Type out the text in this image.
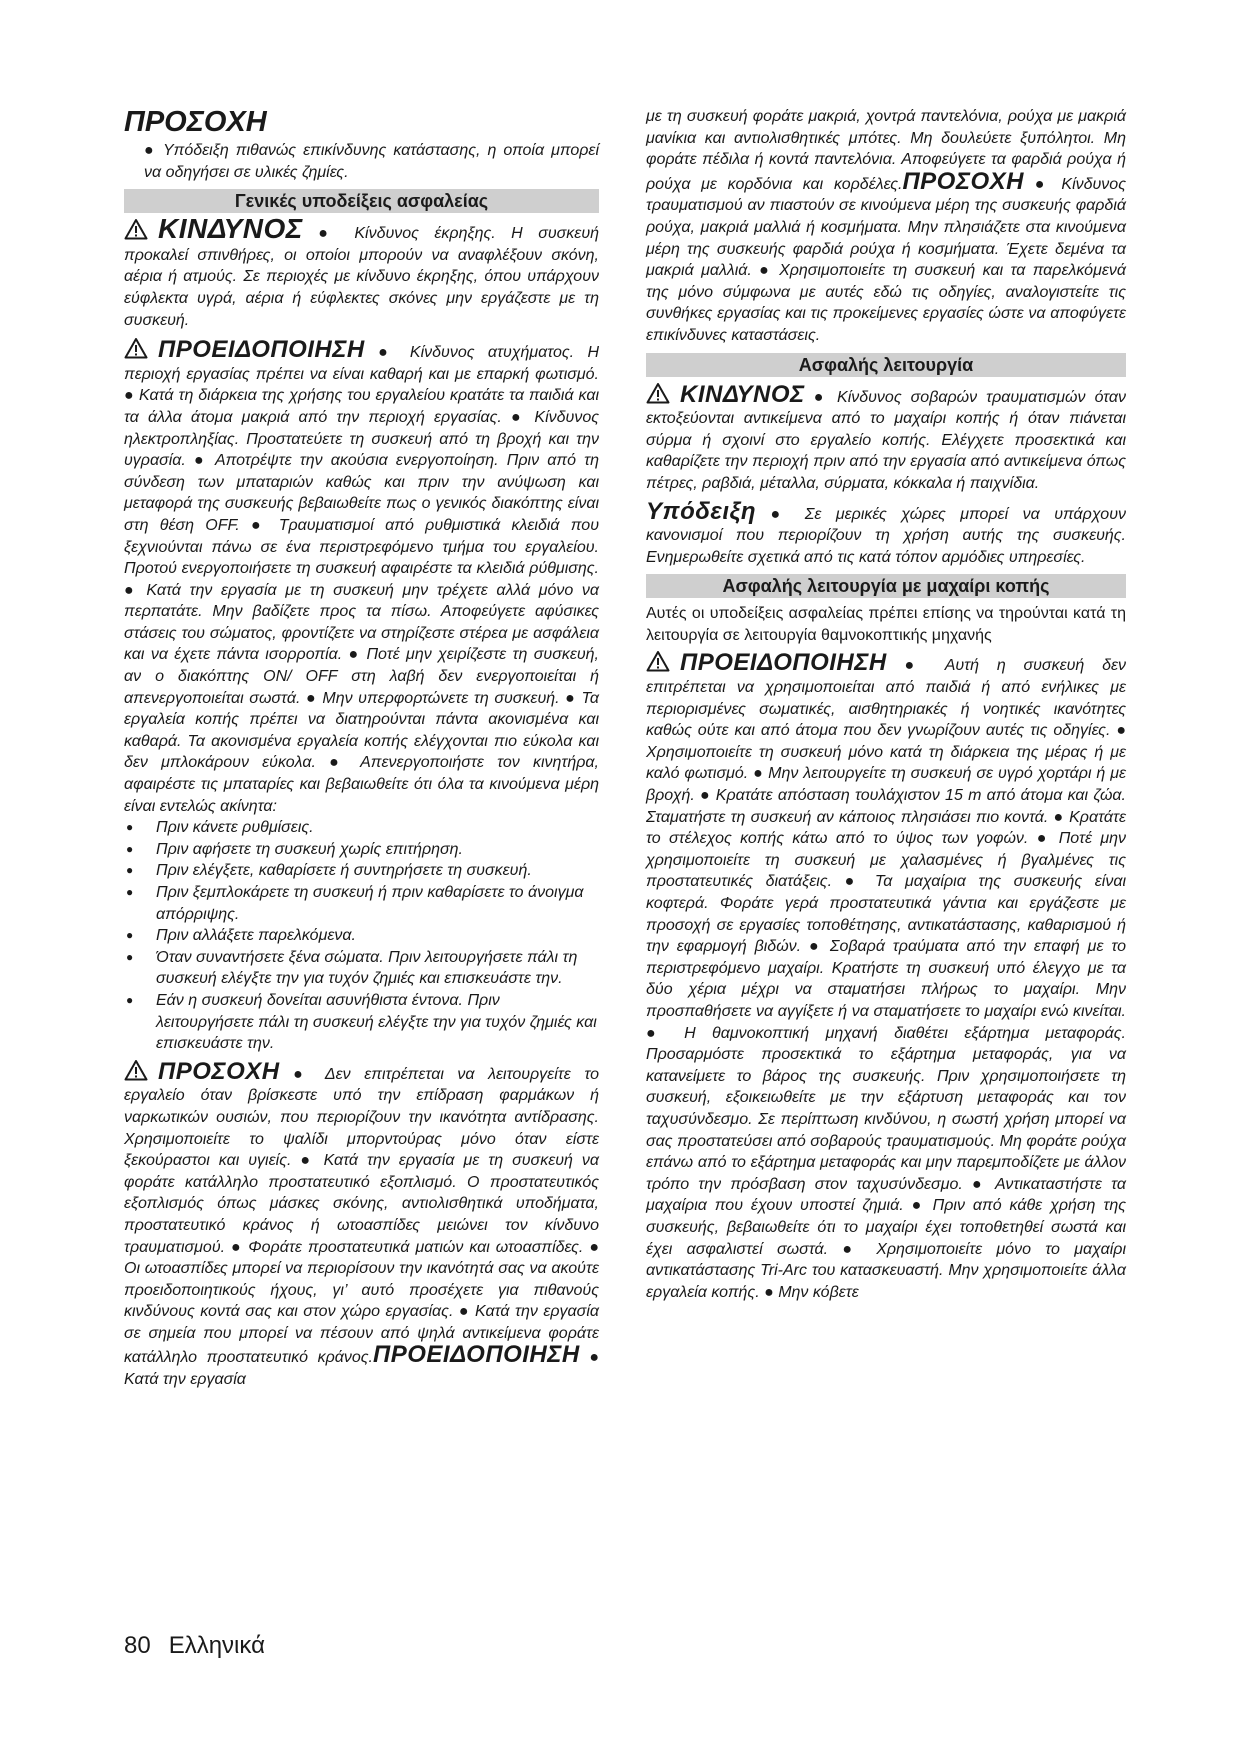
ΠΡΟΣΟΧΗ

● Υπόδειξη πιθανώς επικίνδυνης κατάστασης, η οποία μπορεί να οδηγήσει σε υλικές ζημίες.

Γενικές υποδείξεις ασφαλείας

ΚΙΝΔΥΝΟΣ ● Κίνδυνος έκρηξης. Η συσκευή προκαλεί σπινθήρες, οι οποίοι μπορούν να αναφλέξουν σκόνη, αέρια ή ατμούς. Σε περιοχές με κίνδυνο έκρηξης, όπου υπάρχουν εύφλεκτα υγρά, αέρια ή εύφλεκτες σκόνες μην εργάζεστε με τη συσκευή.

ΠΡΟΕΙΔΟΠΟΙΗΣΗ ● Κίνδυνος ατυχήματος. Η περιοχή εργασίας πρέπει να είναι καθαρή και με επαρκή φωτισμό. ● Κατά τη διάρκεια της χρήσης του εργαλείου κρατάτε τα παιδιά και τα άλλα άτομα μακριά από την περιοχή εργασίας. ● Κίνδυνος ηλεκτροπληξίας. Προστατεύετε τη συσκευή από τη βροχή και την υγρασία. ● Αποτρέψτε την ακούσια ενεργοποίηση. Πριν από τη σύνδεση των μπαταριών καθώς και πριν την ανύψωση και μεταφορά της συσκευής βεβαιωθείτε πως ο γενικός διακόπτης είναι στη θέση OFF. ● Τραυματισμοί από ρυθμιστικά κλειδιά που ξεχνιούνται πάνω σε ένα περιστρεφόμενο τμήμα του εργαλείου. Προτού ενεργοποιήσετε τη συσκευή αφαιρέστε τα κλειδιά ρύθμισης. ● Κατά την εργασία με τη συσκευή μην τρέχετε αλλά μόνο να περπατάτε. Μην βαδίζετε προς τα πίσω. Αποφεύγετε αφύσικες στάσεις του σώματος, φροντίζετε να στηρίζεστε στέρεα με ασφάλεια και να έχετε πάντα ισορροπία. ● Ποτέ μην χειρίζεστε τη συσκευή, αν ο διακόπτης ON/ OFF στη λαβή δεν ενεργοποιείται ή απενεργοποιείται σωστά. ● Μην υπερφορτώνετε τη συσκευή. ● Τα εργαλεία κοπής πρέπει να διατηρούνται πάντα ακονισμένα και καθαρά. Τα ακονισμένα εργαλεία κοπής ελέγχονται πιο εύκολα και δεν μπλοκάρουν εύκολα. ● Απενεργοποιήστε τον κινητήρα, αφαιρέστε τις μπαταρίες και βεβαιωθείτε ότι όλα τα κινούμενα μέρη είναι εντελώς ακίνητα:

● Πριν κάνετε ρυθμίσεις.
● Πριν αφήσετε τη συσκευή χωρίς επιτήρηση.
● Πριν ελέγξετε, καθαρίσετε ή συντηρήσετε τη συσκευή.
● Πριν ξεμπλοκάρετε τη συσκευή ή πριν καθαρίσετε το άνοιγμα απόρριψης.
● Πριν αλλάξετε παρελκόμενα.
● Όταν συναντήσετε ξένα σώματα. Πριν λειτουργήσετε πάλι τη συσκευή ελέγξτε την για τυχόν ζημιές και επισκευάστε την.
● Εάν η συσκευή δονείται ασυνήθιστα έντονα. Πριν λειτουργήσετε πάλι τη συσκευή ελέγξτε την για τυχόν ζημιές και επισκευάστε την.

ΠΡΟΣΟΧΗ ● Δεν επιτρέπεται να λειτουργείτε το εργαλείο όταν βρίσκεστε υπό την επίδραση φαρμάκων ή ναρκωτικών ουσιών, που περιορίζουν την ικανότητα αντίδρασης. Χρησιμοποιείτε το ψαλίδι μπορντούρας μόνο όταν είστε ξεκούραστοι και υγιείς. ● Κατά την εργασία με τη συσκευή να φοράτε κατάλληλο προστατευτικό εξοπλισμό. Ο προστατευτικός εξοπλισμός όπως μάσκες σκόνης, αντιολισθητικά υποδήματα, προστατευτικό κράνος ή ωτοασπίδες μειώνει τον κίνδυνο τραυματισμού. ● Φοράτε προστατευτικά ματιών και ωτοασπίδες. ● Οι ωτοασπίδες μπορεί να περιορίσουν την ικανότητά σας να ακούτε προειδοποιητικούς ήχους, γι’ αυτό προσέχετε για πιθανούς κινδύνους κοντά σας και στον χώρο εργασίας. ● Κατά την εργασία σε σημεία που μπορεί να πέσουν από ψηλά αντικείμενα φοράτε κατάλληλο προστατευτικό κράνος.ΠΡΟΕΙΔΟΠΟΙΗΣΗ ● Κατά την εργασία

με τη συσκευή φοράτε μακριά, χοντρά παντελόνια, ρούχα με μακριά μανίκια και αντιολισθητικές μπότες. Μη δουλεύετε ξυπόλητοι. Μη φοράτε πέδιλα ή κοντά παντελόνια. Αποφεύγετε τα φαρδιά ρούχα ή ρούχα με κορδόνια και κορδέλες.ΠΡΟΣΟΧΗ ● Κίνδυνος τραυματισμού αν πιαστούν σε κινούμενα μέρη της συσκευής φαρδιά ρούχα, μακριά μαλλιά ή κοσμήματα. Μην πλησιάζετε στα κινούμενα μέρη της συσκευής φαρδιά ρούχα ή κοσμήματα. Έχετε δεμένα τα μακριά μαλλιά. ● Χρησιμοποιείτε τη συσκευή και τα παρελκόμενά της μόνο σύμφωνα με αυτές εδώ τις οδηγίες, αναλογιστείτε τις συνθήκες εργασίας και τις προκείμενες εργασίες ώστε να αποφύγετε επικίνδυνες καταστάσεις.

Ασφαλής λειτουργία

ΚΙΝΔΥΝΟΣ ● Κίνδυνος σοβαρών τραυματισμών όταν εκτοξεύονται αντικείμενα από το μαχαίρι κοπής ή όταν πιάνεται σύρμα ή σχοινί στο εργαλείο κοπής. Ελέγχετε προσεκτικά και καθαρίζετε την περιοχή πριν από την εργασία από αντικείμενα όπως πέτρες, ραβδιά, μέταλλα, σύρματα, κόκκαλα ή παιχνίδια.

Υπόδειξη ● Σε μερικές χώρες μπορεί να υπάρχουν κανονισμοί που περιορίζουν τη χρήση αυτής της συσκευής. Ενημερωθείτε σχετικά από τις κατά τόπον αρμόδιες υπηρεσίες.

Ασφαλής λειτουργία με μαχαίρι κοπής

Αυτές οι υποδείξεις ασφαλείας πρέπει επίσης να τηρούνται κατά τη λειτουργία σε λειτουργία θαμνοκοπτικής μηχανής

ΠΡΟΕΙΔΟΠΟΙΗΣΗ ● Αυτή η συσκευή δεν επιτρέπεται να χρησιμοποιείται από παιδιά ή από ενήλικες με περιορισμένες σωματικές, αισθητηριακές ή νοητικές ικανότητες καθώς ούτε και από άτομα που δεν γνωρίζουν αυτές τις οδηγίες. ● Χρησιμοποιείτε τη συσκευή μόνο κατά τη διάρκεια της μέρας ή με καλό φωτισμό. ● Μην λειτουργείτε τη συσκευή σε υγρό χορτάρι ή με βροχή. ● Κρατάτε απόσταση τουλάχιστον 15 m από άτομα και ζώα. Σταματήστε τη συσκευή αν κάποιος πλησιάσει πιο κοντά. ● Κρατάτε το στέλεχος κοπής κάτω από το ύψος των γοφών. ● Ποτέ μην χρησιμοποιείτε τη συσκευή με χαλασμένες ή βγαλμένες τις προστατευτικές διατάξεις. ● Τα μαχαίρια της συσκευής είναι κοφτερά. Φοράτε γερά προστατευτικά γάντια και εργάζεστε με προσοχή σε εργασίες τοποθέτησης, αντικατάστασης, καθαρισμού ή την εφαρμογή βιδών. ● Σοβαρά τραύματα από την επαφή με το περιστρεφόμενο μαχαίρι. Κρατήστε τη συσκευή υπό έλεγχο με τα δύο χέρια μέχρι να σταματήσει πλήρως το μαχαίρι. Μην προσπαθήσετε να αγγίξετε ή να σταματήσετε το μαχαίρι ενώ κινείται. ● Η θαμνοκοπτική μηχανή διαθέτει εξάρτημα μεταφοράς. Προσαρμόστε προσεκτικά το εξάρτημα μεταφοράς, για να κατανείμετε το βάρος της συσκευής. Πριν χρησιμοποιήσετε τη συσκευή, εξοικειωθείτε με την εξάρτυση μεταφοράς και τον ταχυσύνδεσμο. Σε περίπτωση κινδύνου, η σωστή χρήση μπορεί να σας προστατεύσει από σοβαρούς τραυματισμούς. Μη φοράτε ρούχα επάνω από το εξάρτημα μεταφοράς και μην παρεμποδίζετε με άλλον τρόπο την πρόσβαση στον ταχυσύνδεσμο. ● Αντικαταστήστε τα μαχαίρια που έχουν υποστεί ζημιά. ● Πριν από κάθε χρήση της συσκευής, βεβαιωθείτε ότι το μαχαίρι έχει τοποθετηθεί σωστά και έχει ασφαλιστεί σωστά. ● Χρησιμοποιείτε μόνο το μαχαίρι αντικατάστασης Tri-Arc του κατασκευαστή. Μην χρησιμοποιείτε άλλα εργαλεία κοπής. ● Μην κόβετε

80 Ελληνικά
